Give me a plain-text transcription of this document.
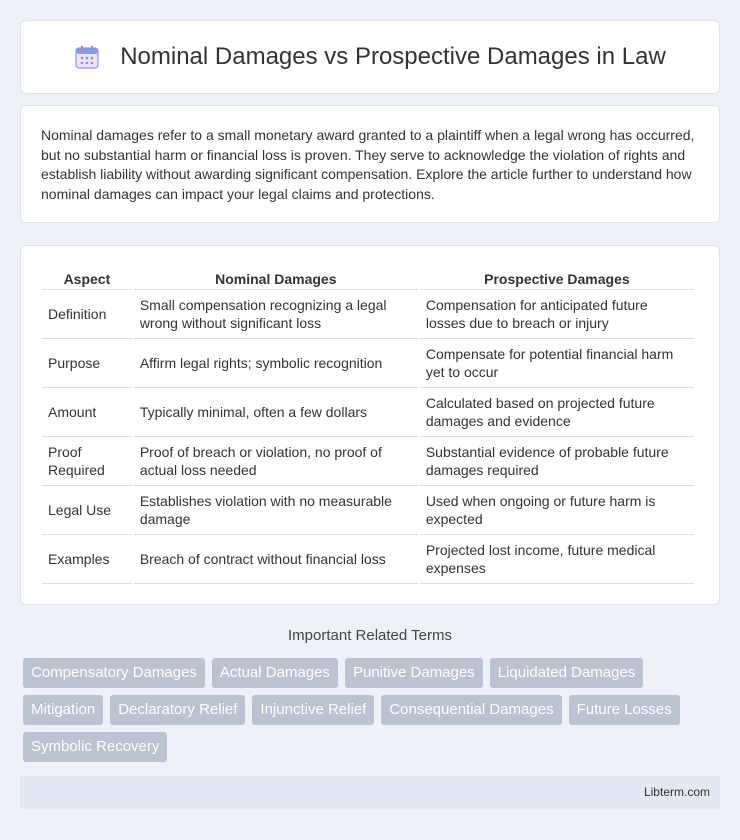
Nominal Damages vs Prospective Damages in Law

Nominal damages refer to a small monetary award granted to a plaintiff when a legal wrong has occurred, but no substantial harm or financial loss is proven. They serve to acknowledge the violation of rights and establish liability without awarding significant compensation. Explore the article further to understand how nominal damages can impact your legal claims and protections.

Aspect	Nominal Damages	Prospective Damages
Definition	Small compensation recognizing a legal wrong without significant loss	Compensation for anticipated future losses due to breach or injury
Purpose	Affirm legal rights; symbolic recognition	Compensate for potential financial harm yet to occur
Amount	Typically minimal, often a few dollars	Calculated based on projected future damages and evidence
Proof Required	Proof of breach or violation, no proof of actual loss needed	Substantial evidence of probable future damages required
Legal Use	Establishes violation with no measurable damage	Used when ongoing or future harm is expected
Examples	Breach of contract without financial loss	Projected lost income, future medical expenses
Important Related Terms
Compensatory Damages	Actual Damages	Punitive Damages	Liquidated Damages
Mitigation	Declaratory Relief	Injunctive Relief	Consequential Damages	Future Losses
Symbolic Recovery
Libterm.com
